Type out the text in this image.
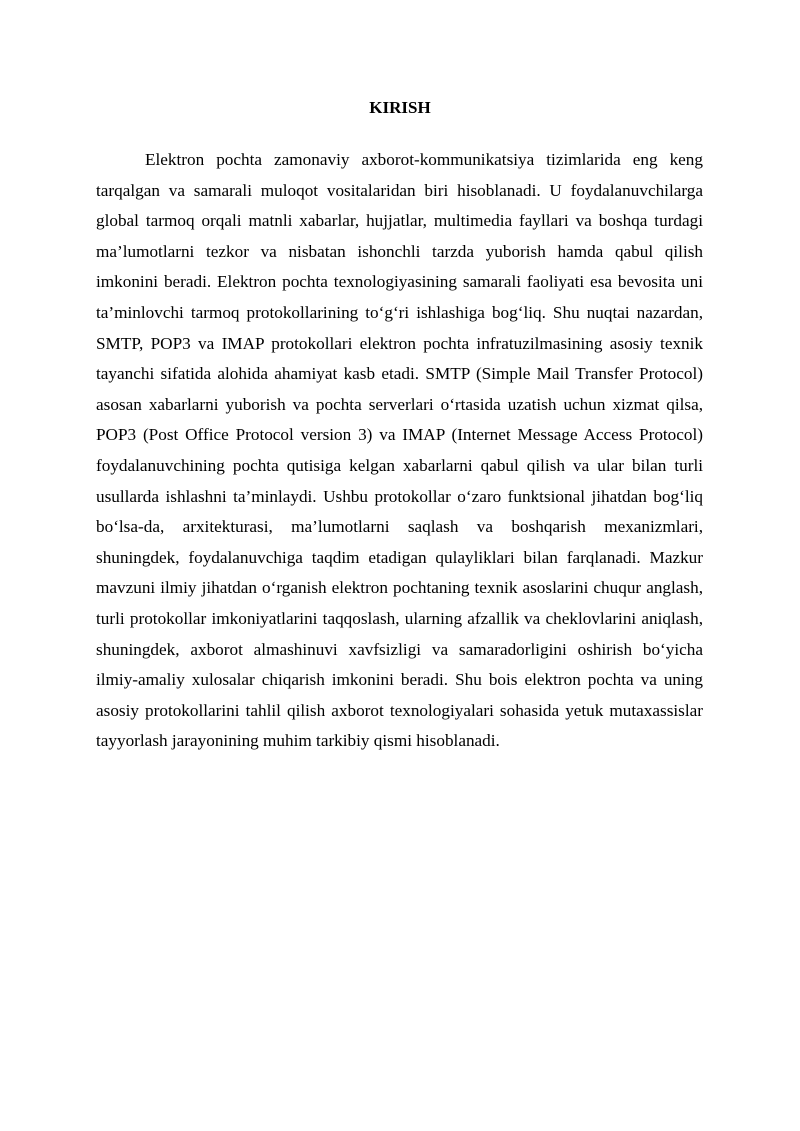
KIRISH

Elektron pochta zamonaviy axborot-kommunikatsiya tizimlarida eng keng tarqalgan va samarali muloqot vositalaridan biri hisoblanadi. U foydalanuvchilarga global tarmoq orqali matnli xabarlar, hujjatlar, multimedia fayllari va boshqa turdagi ma’lumotlarni tezkor va nisbatan ishonchli tarzda yuborish hamda qabul qilish imkonini beradi. Elektron pochta texnologiyasining samarali faoliyati esa bevosita uni ta’minlovchi tarmoq protokollarining to‘g‘ri ishlashiga bog‘liq. Shu nuqtai nazardan, SMTP, POP3 va IMAP protokollari elektron pochta infratuzilmasining asosiy texnik tayanchi sifatida alohida ahamiyat kasb etadi. SMTP (Simple Mail Transfer Protocol) asosan xabarlarni yuborish va pochta serverlari o‘rtasida uzatish uchun xizmat qilsa, POP3 (Post Office Protocol version 3) va IMAP (Internet Message Access Protocol) foydalanuvchining pochta qutisiga kelgan xabarlarni qabul qilish va ular bilan turli usullarda ishlashni ta’minlaydi. Ushbu protokollar o‘zaro funktsional jihatdan bog‘liq bo‘lsa-da, arxitekturasi, ma’lumotlarni saqlash va boshqarish mexanizmlari, shuningdek, foydalanuvchiga taqdim etadigan qulayliklari bilan farqlanadi. Mazkur mavzuni ilmiy jihatdan o‘rganish elektron pochtaning texnik asoslarini chuqur anglash, turli protokollar imkoniyatlarini taqqoslash, ularning afzallik va cheklovlarini aniqlash, shuningdek, axborot almashinuvi xavfsizligi va samaradorligini oshirish bo‘yicha ilmiy-amaliy xulosalar chiqarish imkonini beradi. Shu bois elektron pochta va uning asosiy protokollarini tahlil qilish axborot texnologiyalari sohasida yetuk mutaxassislar tayyorlash jarayonining muhim tarkibiy qismi hisoblanadi.
